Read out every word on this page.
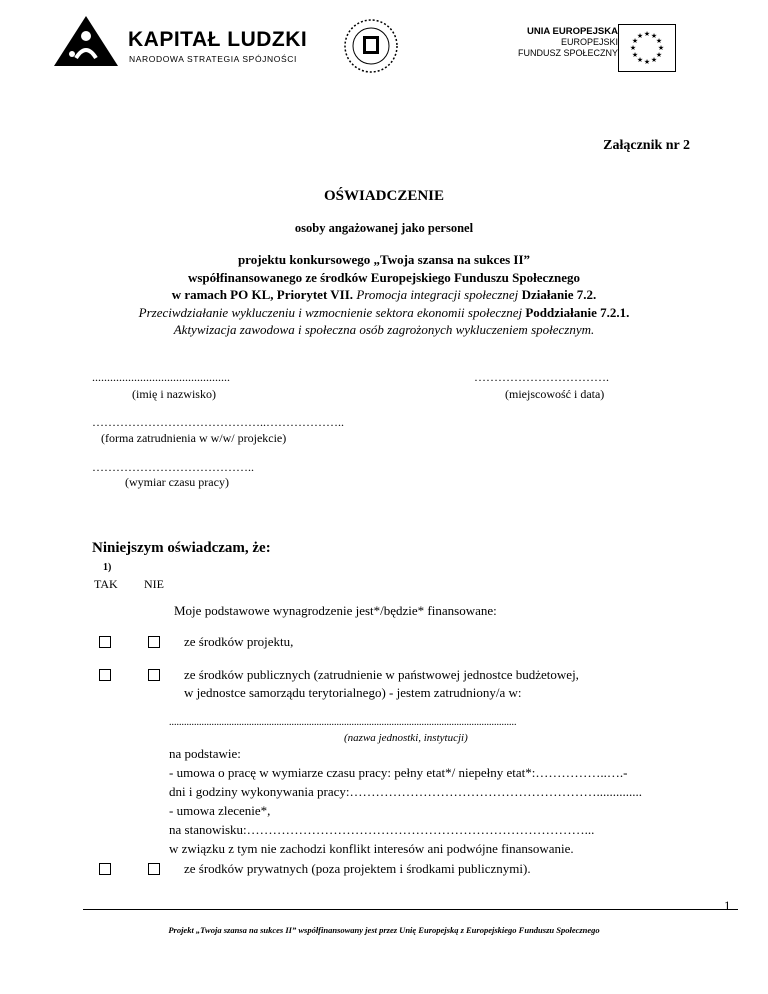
KAPITAŁ LUDZKI
NARODOWA STRATEGIA SPÓJNOŚCI
UNIA EUROPEJSKA
EUROPEJSKI
FUNDUSZ SPOŁECZNY
★ ★
★
★
★
★
★
★
★
★
★
★
Załącznik nr 2
OŚWIADCZENIE
osoby angażowanej jako personel
projektu konkursowego „Twoja szansa na sukces II”
współfinansowanego ze środków Europejskiego Funduszu Społecznego
w ramach PO KL, Priorytet VII. Promocja integracji społecznej Działanie 7.2.
Przeciwdziałanie wykluczeniu i wzmocnienie sektora ekonomii społecznej Poddziałanie 7.2.1.
Aktywizacja zawodowa i społeczna osób zagrożonych wykluczeniem społecznym.
..............................................
(imię i nazwisko)
…………………………….
(miejscowość i data)
……………………………………..………………..
(forma zatrudnienia w w/w/ projekcie)
…………………………………..
(wymiar czasu pracy)
Niniejszym oświadczam, że:
1)
TAK NIE
Moje podstawowe wynagrodzenie jest*/będzie* finansowane:
ze środków projektu,
ze środków publicznych (zatrudnienie w państwowej jednostce budżetowej,
w jednostce samorządu terytorialnego) - jestem zatrudniony/a w:
...........................................................................................................................................
(nazwa jednostki, instytucji)
na podstawie:
- umowa o pracę w wymiarze czasu pracy: pełny etat*/ niepełny etat*:……………..….-
dni i godziny wykonywania pracy:…………………………………………………..............
- umowa zlecenie*,
na stanowisku:……………………………………………………………………...
w związku z tym nie zachodzi konflikt interesów ani podwójne finansowanie.
ze środków prywatnych (poza projektem i środkami publicznymi).
1
Projekt „Twoja szansa na sukces II” współfinansowany jest przez Unię Europejską z Europejskiego Funduszu Społecznego
